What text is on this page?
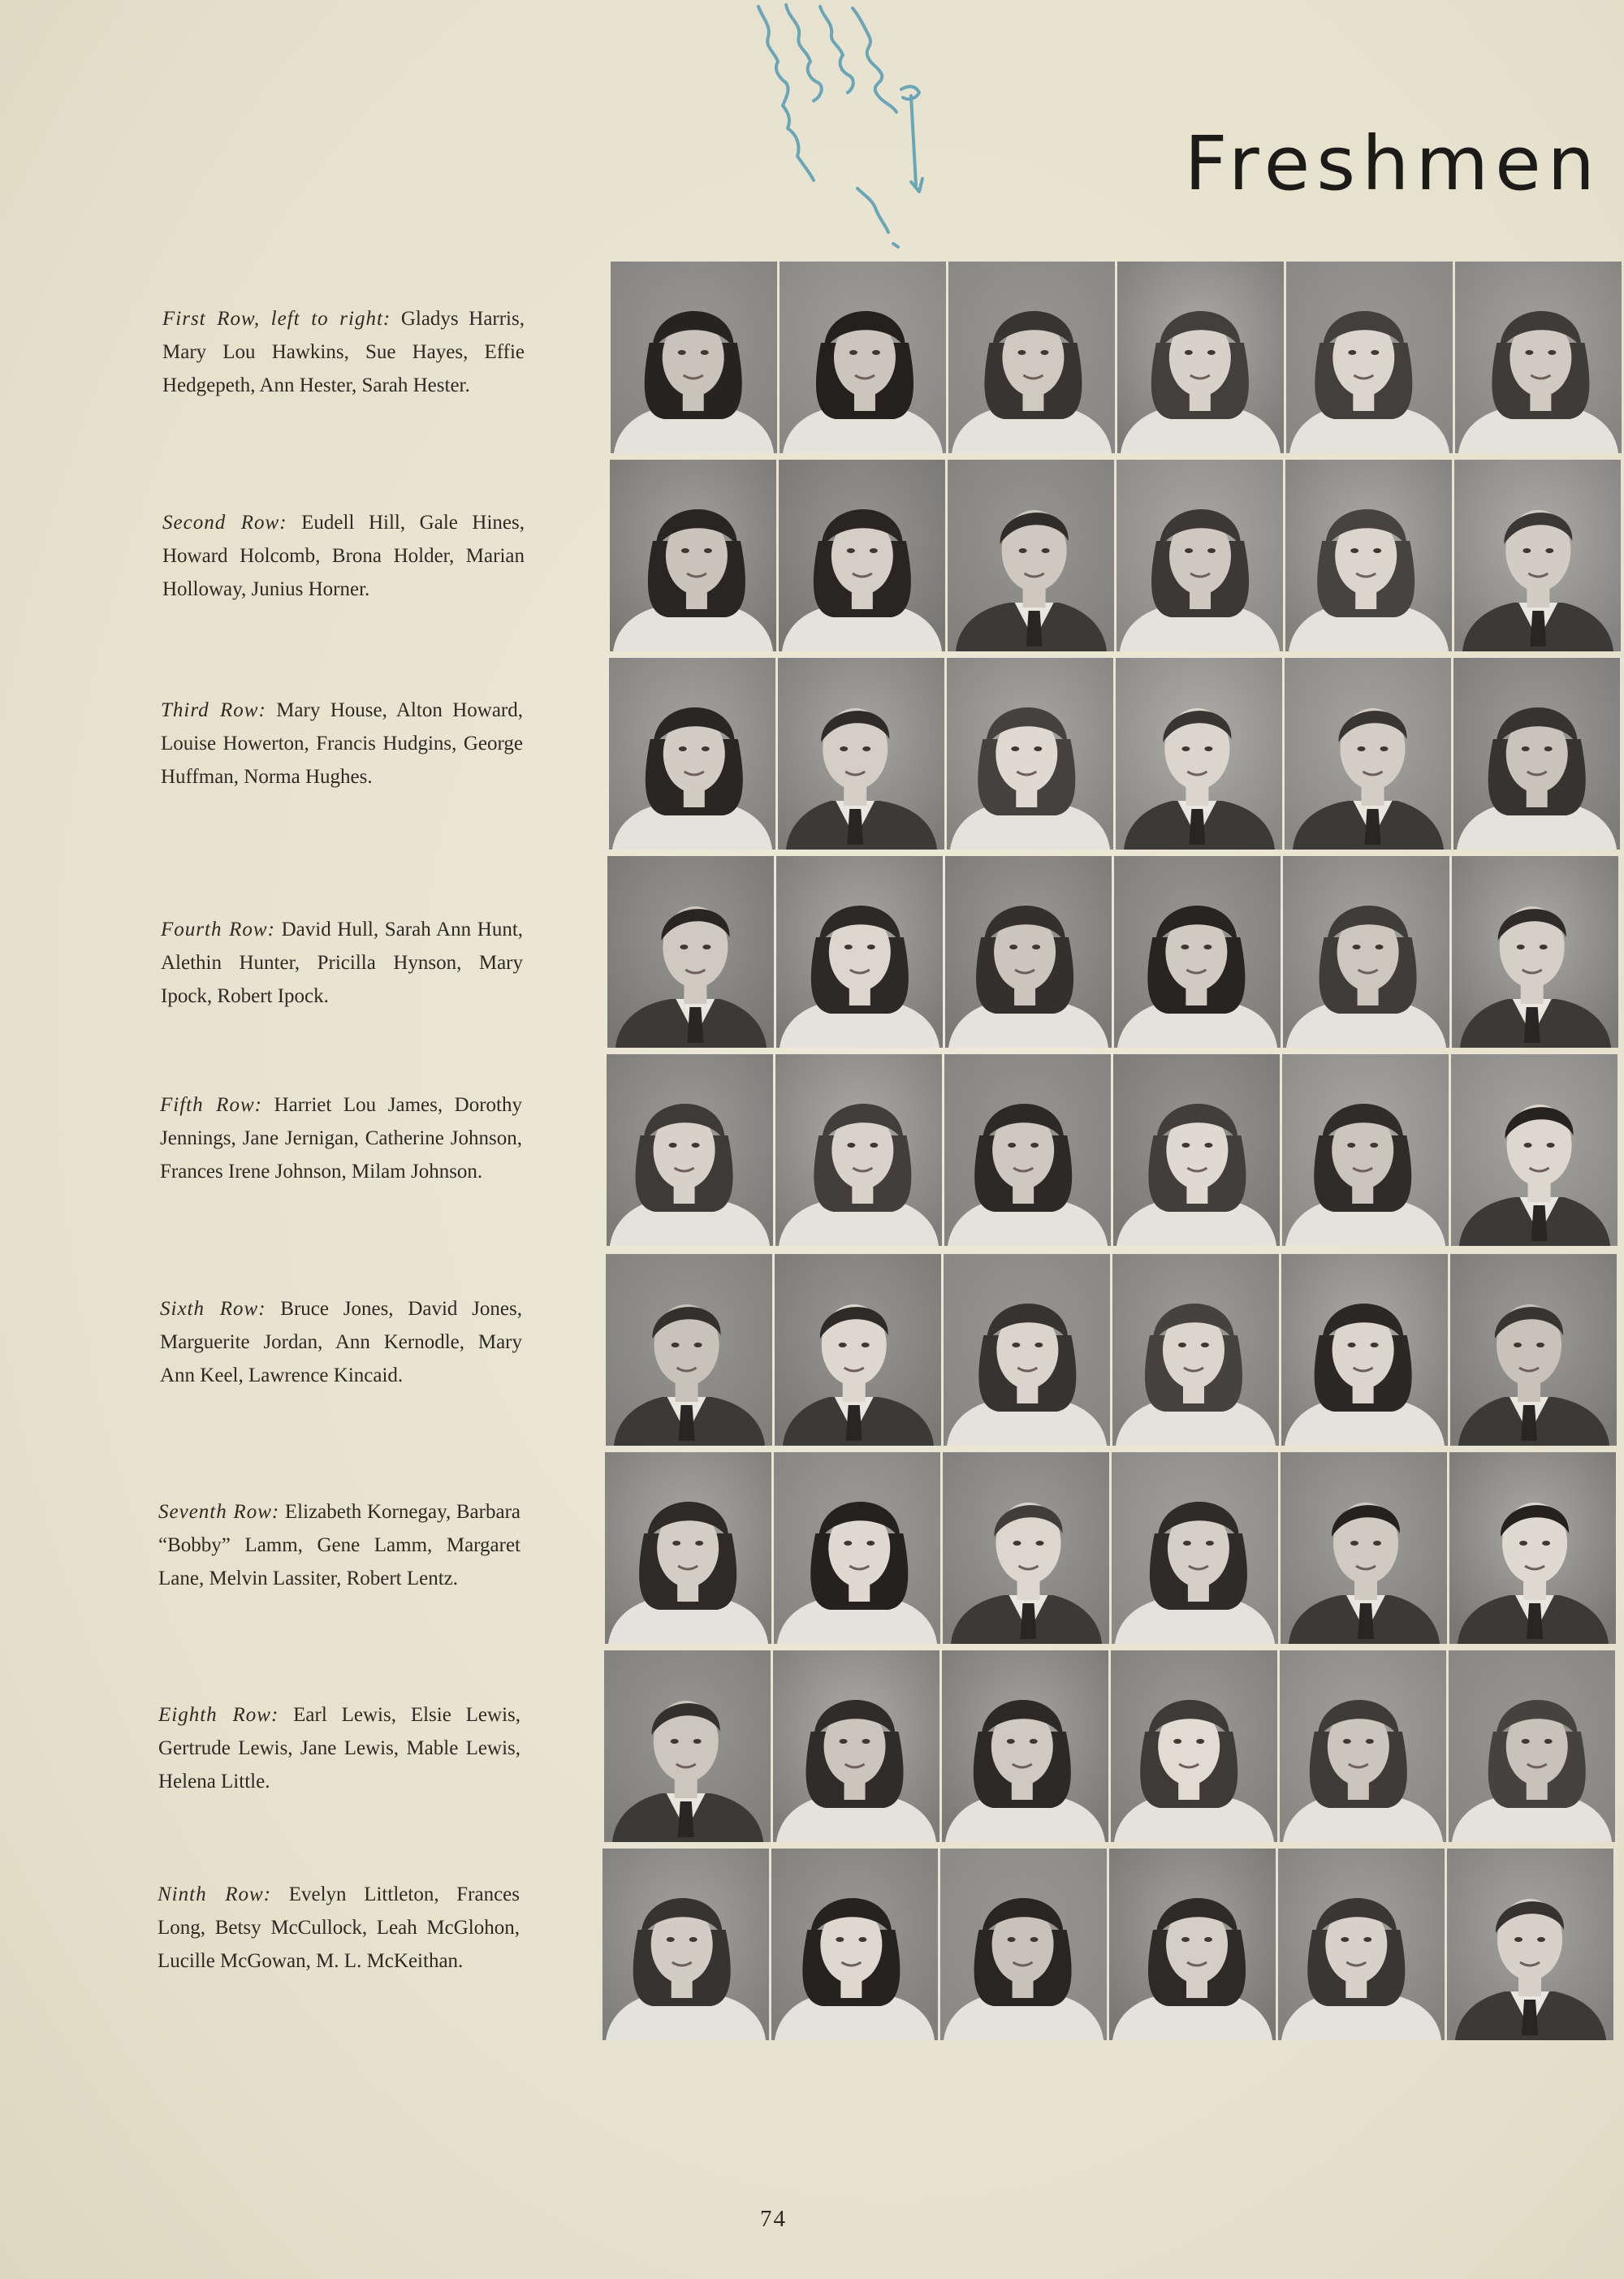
Freshmen
First Row, left to right: Gladys Harris, Mary Lou Hawkins, Sue Hayes, Effie Hedgepeth, Ann Hester, Sarah Hester.
Second Row: Eudell Hill, Gale Hines, Howard Holcomb, Brona Holder, Marian Holloway, Junius Horner.
Third Row: Mary House, Alton Howard, Louise Howerton, Francis Hudgins, George Huffman, Norma Hughes.
Fourth Row: David Hull, Sarah Ann Hunt, Alethin Hunter, Pricilla Hynson, Mary Ipock, Robert Ipock.
Fifth Row: Harriet Lou James, Dorothy Jennings, Jane Jernigan, Catherine Johnson, Frances Irene Johnson, Milam Johnson.
Sixth Row: Bruce Jones, David Jones, Marguerite Jordan, Ann Kernodle, Mary Ann Keel, Lawrence Kincaid.
Seventh Row: Elizabeth Kornegay, Barbara “Bobby” Lamm, Gene Lamm, Margaret Lane, Melvin Lassiter, Robert Lentz.
Eighth Row: Earl Lewis, Elsie Lewis, Gertrude Lewis, Jane Lewis, Mable Lewis, Helena Little.
Ninth Row: Evelyn Littleton, Frances Long, Betsy McCullock, Leah McGlohon, Lucille McGowan, M. L. McKeithan.
74
